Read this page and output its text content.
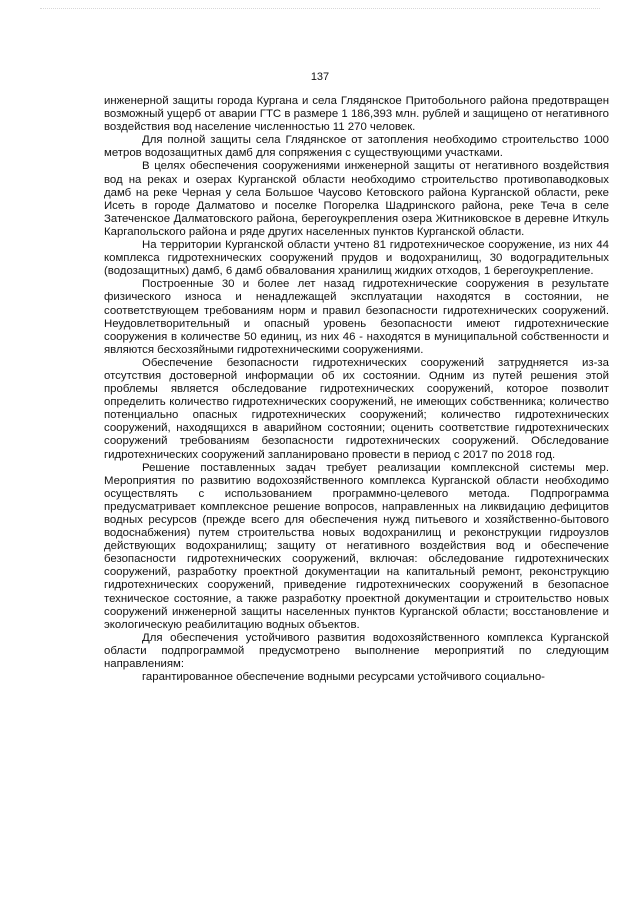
137

инженерной защиты города Кургана и села Глядянское Притобольного района предотвращен возможный ущерб от аварии ГТС в размере 1 186,393 млн. рублей и защищено от негативного воздействия вод население численностью 11 270 человек.

Для полной защиты села Глядянское от затопления необходимо строительство 1000 метров водозащитных дамб для сопряжения с существующими участками.

В целях обеспечения сооружениями инженерной защиты от негативного воздействия вод на реках и озерах Курганской области необходимо строительство противопаводковых дамб на реке Черная у села Большое Чаусово Кетовского района Курганской области, реке Исеть в городе Далматово и поселке Погорелка Шадринского района, реке Теча в селе Затеченское Далматовского района, берегоукрепления озера Житниковское в деревне Иткуль Каргапольского района и ряде других населенных пунктов Курганской области.

На территории Курганской области учтено 81 гидротехническое сооружение, из них 44 комплекса гидротехнических сооружений прудов и водохранилищ, 30 водоградительных (водозащитных) дамб, 6 дамб обвалования хранилищ жидких отходов, 1 берегоукрепление.

Построенные 30 и более лет назад гидротехнические сооружения в результате физического износа и ненадлежащей эксплуатации находятся в состоянии, не соответствующем требованиям норм и правил безопасности гидротехнических сооружений. Неудовлетворительный и опасный уровень безопасности имеют гидротехнические сооружения в количестве 50 единиц, из них 46 - находятся в муниципальной собственности и являются бесхозяйными гидротехническими сооружениями.

Обеспечение безопасности гидротехнических сооружений затрудняется из-за отсутствия достоверной информации об их состоянии. Одним из путей решения этой проблемы является обследование гидротехнических сооружений, которое позволит определить количество гидротехнических сооружений, не имеющих собственника; количество потенциально опасных гидротехнических сооружений; количество гидротехнических сооружений, находящихся в аварийном состоянии; оценить соответствие гидротехнических сооружений требованиям безопасности гидротехнических сооружений. Обследование гидротехнических сооружений запланировано провести в период с 2017 по 2018 год.

Решение поставленных задач требует реализации комплексной системы мер. Мероприятия по развитию водохозяйственного комплекса Курганской области необходимо осуществлять с использованием программно-целевого метода. Подпрограмма предусматривает комплексное решение вопросов, направленных на ликвидацию дефицитов водных ресурсов (прежде всего для обеспечения нужд питьевого и хозяйственно-бытового водоснабжения) путем строительства новых водохранилищ и реконструкции гидроузлов действующих водохранилищ; защиту от негативного воздействия вод и обеспечение безопасности гидротехнических сооружений, включая: обследование гидротехнических сооружений, разработку проектной документации на капитальный ремонт, реконструкцию гидротехнических сооружений, приведение гидротехнических сооружений в безопасное техническое состояние, а также разработку проектной документации и строительство новых сооружений инженерной защиты населенных пунктов Курганской области; восстановление и экологическую реабилитацию водных объектов.

Для обеспечения устойчивого развития водохозяйственного комплекса Курганской области подпрограммой предусмотрено выполнение мероприятий по следующим направлениям:

гарантированное обеспечение водными ресурсами устойчивого социально-
